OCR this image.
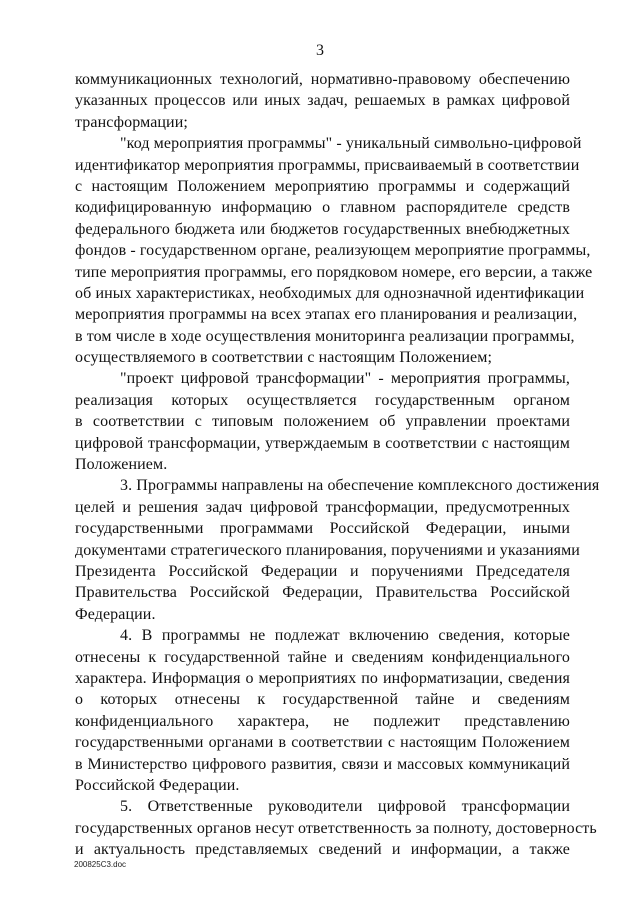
3
коммуникационных технологий, нормативно-правовому обеспечению
указанных процессов или иных задач, решаемых в рамках цифровой
трансформации;
"код мероприятия программы" - уникальный символьно-цифровой
идентификатор мероприятия программы, присваиваемый в соответствии
с настоящим Положением мероприятию программы и содержащий
кодифицированную информацию о главном распорядителе средств
федерального бюджета или бюджетов государственных внебюджетных
фондов - государственном органе, реализующем мероприятие программы,
типе мероприятия программы, его порядковом номере, его версии, а также
об иных характеристиках, необходимых для однозначной идентификации
мероприятия программы на всех этапах его планирования и реализации,
в том числе в ходе осуществления мониторинга реализации программы,
осуществляемого в соответствии с настоящим Положением;
"проект цифровой трансформации" - мероприятия программы,
реализация которых осуществляется государственным органом
в соответствии с типовым положением об управлении проектами
цифровой трансформации, утверждаемым в соответствии с настоящим
Положением.
3. Программы направлены на обеспечение комплексного достижения
целей и решения задач цифровой трансформации, предусмотренных
государственными программами Российской Федерации, иными
документами стратегического планирования, поручениями и указаниями
Президента Российской Федерации и поручениями Председателя
Правительства Российской Федерации, Правительства Российской
Федерации.
4. В программы не подлежат включению сведения, которые
отнесены к государственной тайне и сведениям конфиденциального
характера. Информация о мероприятиях по информатизации, сведения
о которых отнесены к государственной тайне и сведениям
конфиденциального характера, не подлежит представлению
государственными органами в соответствии с настоящим Положением
в Министерство цифрового развития, связи и массовых коммуникаций
Российской Федерации.
5. Ответственные руководители цифровой трансформации
государственных органов несут ответственность за полноту, достоверность
и актуальность представляемых сведений и информации, а также
200825C3.doc
